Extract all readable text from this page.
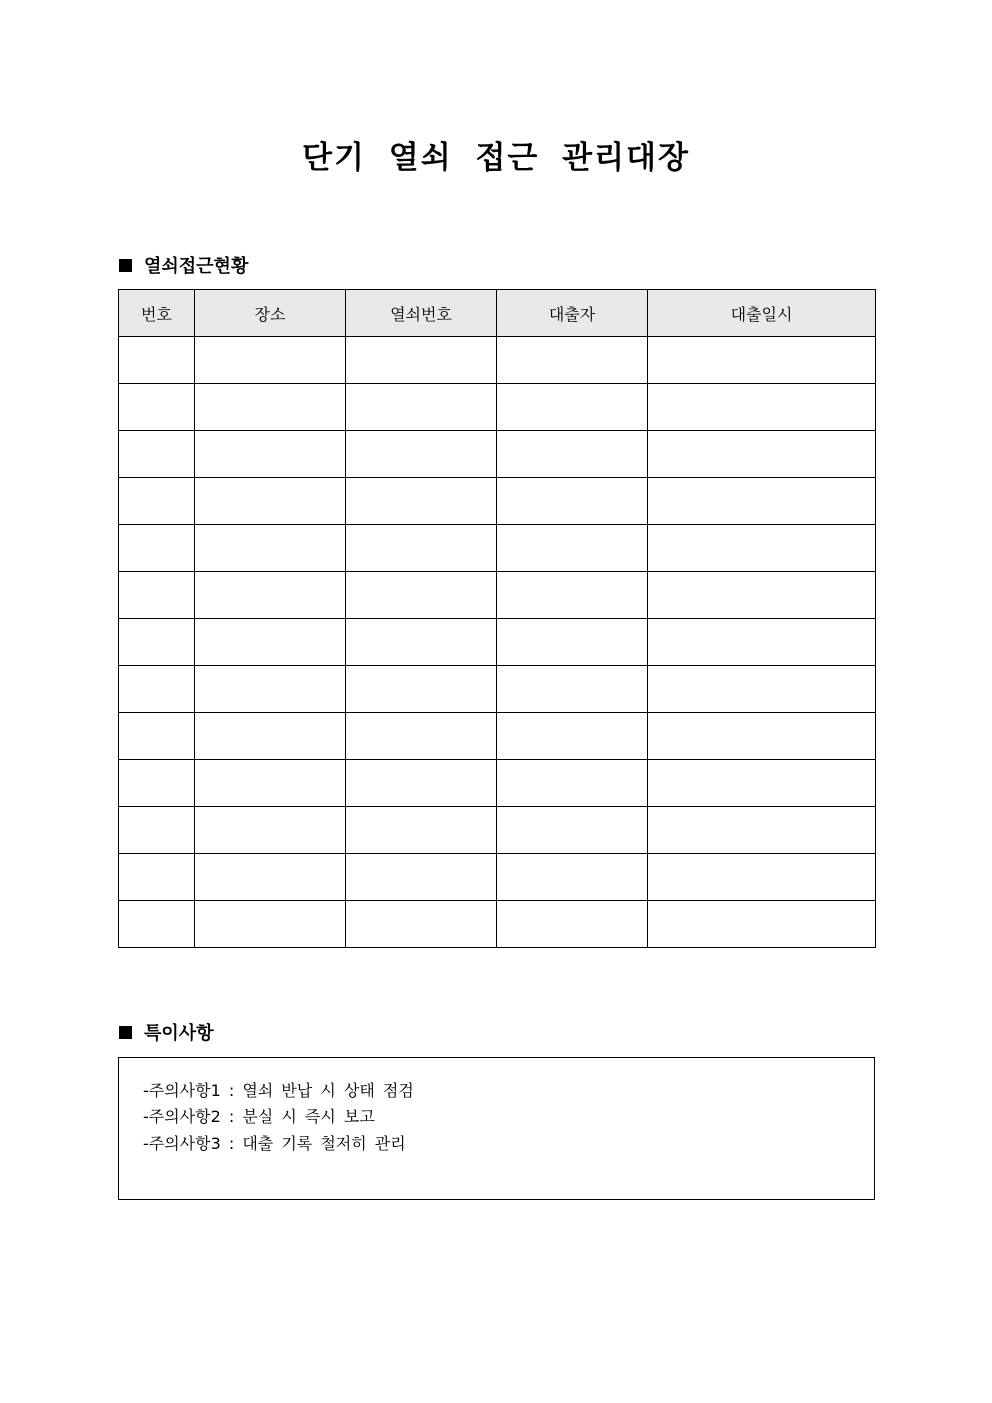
단기 열쇠 접근 관리대장
열쇠접근현황
번호	장소	열쇠번호	대출자	대출일시

특이사항
-주의사항1 : 열쇠 반납 시 상태 점검
-주의사항2 : 분실 시 즉시 보고
-주의사항3 : 대출 기록 철저히 관리
